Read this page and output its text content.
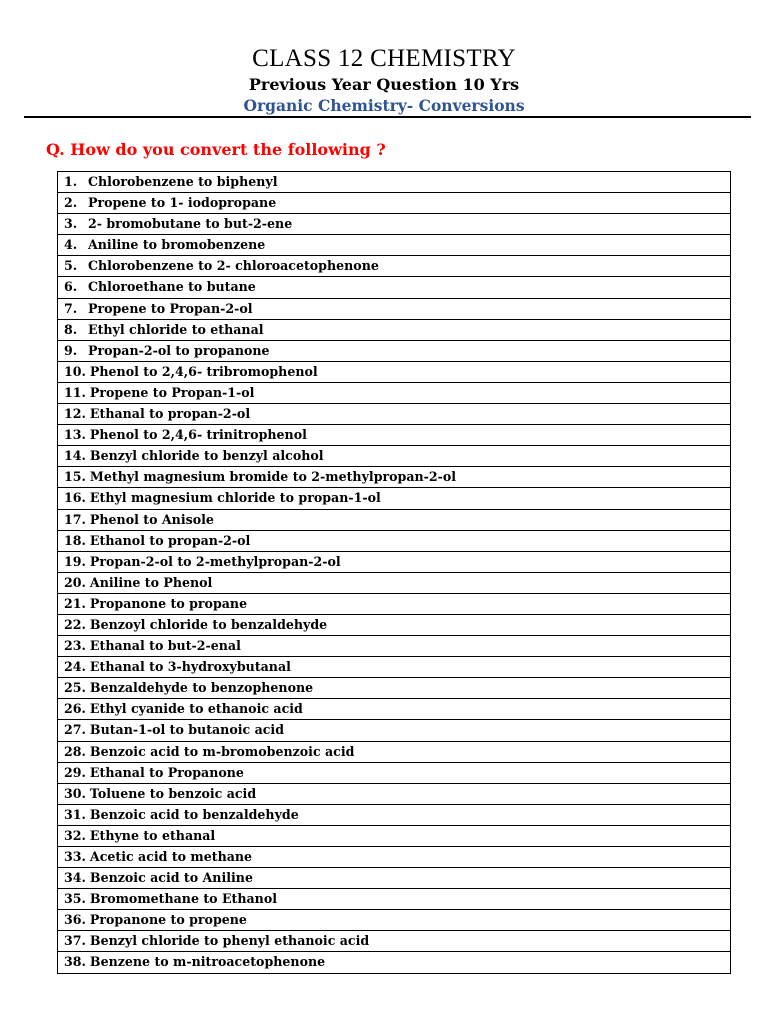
CLASS 12 CHEMISTRY

Previous Year Question 10 Yrs

Organic Chemistry- Conversions

Q. How do you convert the following ?
1. Chlorobenzene to biphenyl
2. Propene to 1- iodopropane
3. 2- bromobutane to but-2-ene
4. Aniline to bromobenzene
5. Chlorobenzene to 2- chloroacetophenone
6. Chloroethane to butane
7. Propene to Propan-2-ol
8. Ethyl chloride to ethanal
9. Propan-2-ol to propanone
10. Phenol to 2,4,6- tribromophenol
11. Propene to Propan-1-ol
12. Ethanal to propan-2-ol
13. Phenol to 2,4,6- trinitrophenol
14. Benzyl chloride to benzyl alcohol
15. Methyl magnesium bromide to 2-methylpropan-2-ol
16. Ethyl magnesium chloride to propan-1-ol
17. Phenol to Anisole
18. Ethanol to propan-2-ol
19. Propan-2-ol to 2-methylpropan-2-ol
20. Aniline to Phenol
21. Propanone to propane
22. Benzoyl chloride to benzaldehyde
23. Ethanal to but-2-enal
24. Ethanal to 3-hydroxybutanal
25. Benzaldehyde to benzophenone
26. Ethyl cyanide to ethanoic acid
27. Butan-1-ol to butanoic acid
28. Benzoic acid to m-bromobenzoic acid
29. Ethanal to Propanone
30. Toluene to benzoic acid
31. Benzoic acid to benzaldehyde
32. Ethyne to ethanal
33. Acetic acid to methane
34. Benzoic acid to Aniline
35. Bromomethane to Ethanol
36. Propanone to propene
37. Benzyl chloride to phenyl ethanoic acid
38. Benzene to m-nitroacetophenone
